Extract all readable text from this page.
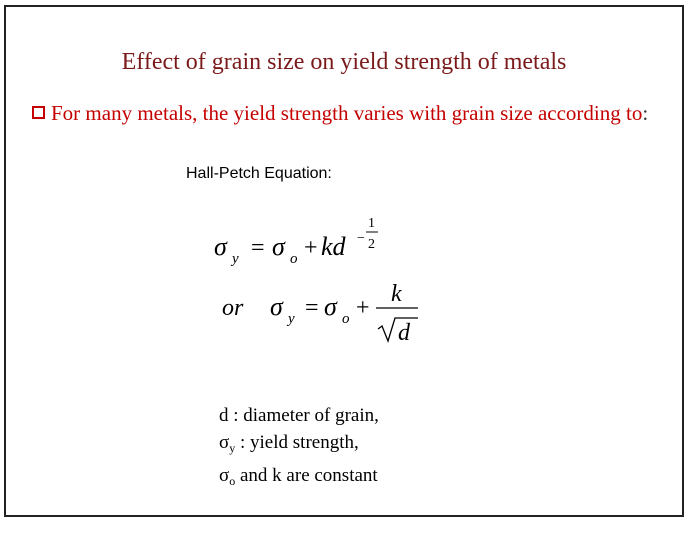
Effect of grain size on yield strength of metals
For many metals, the yield strength varies with grain size according to:
Hall-Petch Equation:
σ y = σ o + kd −
1
2
or σ y = σ o +
k
d
d : diameter of grain,
$\sigma_y$ : yield strength,
$\sigma_o$ and k are constant
